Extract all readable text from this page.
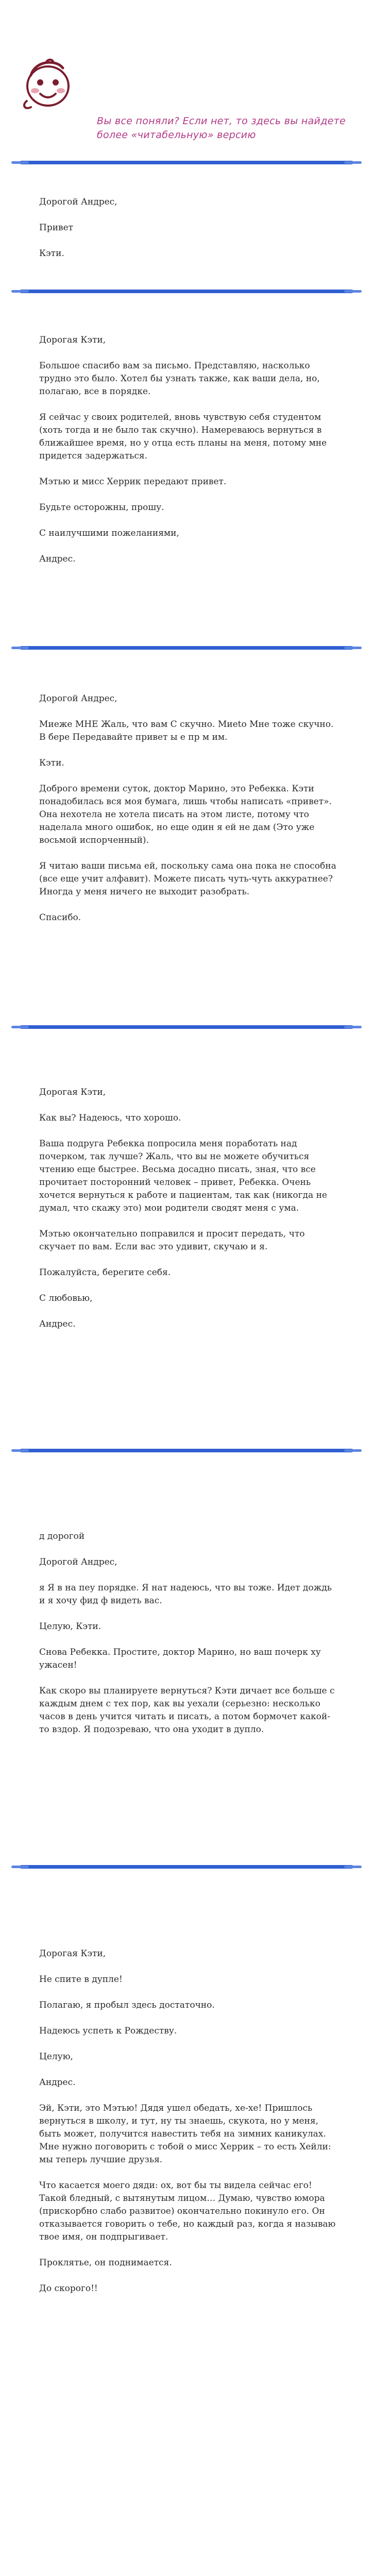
Вы все поняли? Если нет, то здесь вы найдете более «читабельную» версию

Дорогой Андрес,

Привет

Кэти.

Дорогая Кэти,

Большое спасибо вам за письмо. Представляю, насколько трудно это было. Хотел бы узнать также, как ваши дела, но, полагаю, все в порядке.

Я сейчас у своих родителей, вновь чувствую себя студентом (хоть тогда и не было так скучно). Намереваюсь вернуться в ближайшее время, но у отца есть планы на меня, потому мне придется задержаться.

Мэтью и мисс Херрик передают привет.

Будьте осторожны, прошу.

С наилучшими пожеланиями,

Андрес.

Дорогой Андрес,

Миеже МНЕ Жаль, что вам С скучно. Миеto Мне тоже скучно. В бере Передавайте привет ы е пр м им.

Кэти.

Доброго времени суток, доктор Марино, это Ребекка. Кэти понадобилась вся моя бумага, лишь чтобы написать «привет». Она нехотела не хотела писать на этом листе, потому что наделала много ошибок, но еще один я ей не дам (Это уже восьмой испорченный).

Я читаю ваши письма ей, поскольку сама она пока не способна (все еще учит алфавит). Можете писать чуть-чуть аккуратнее? Иногда у меня ничего не выходит разобрать.

Спасибо.

Дорогая Кэти,

Как вы? Надеюсь, что хорошо.

Ваша подруга Ребекка попросила меня поработать над почерком, так лучше? Жаль, что вы не можете обучиться чтению еще быстрее. Весьма досадно писать, зная, что все прочитает посторонний человек – привет, Ребекка. Очень хочется вернуться к работе и пациентам, так как (никогда не думал, что скажу это) мои родители сводят меня с ума.

Мэтью окончательно поправился и просит передать, что скучает по вам. Если вас это удивит, скучаю и я.

Пожалуйста, берегите себя.

С любовью,

Андрес.

д дорогой

Дорогой Андрес,

я Я в на пеу порядке. Я нат надеюсь, что вы тоже. Идет дождь и я хочу фид ф видеть вас.

Целую, Кэти.

Снова Ребекка. Простите, доктор Марино, но ваш почерк ху ужасен!

Как скоро вы планируете вернуться? Кэти дичает все больше с каждым днем с тех пор, как вы уехали (серьезно: несколько часов в день учится читать и писать, а потом бормочет какой-то вздор. Я подозреваю, что она уходит в дупло.

Дорогая Кэти,

Не спите в дупле!

Полагаю, я пробыл здесь достаточно.

Надеюсь успеть к Рождеству.

Целую,

Андрес.

Эй, Кэти, это Мэтью! Дядя ушел обедать, хе-хе! Пришлось вернуться в школу, и тут, ну ты знаешь, скукота, но у меня, быть может, получится навестить тебя на зимних каникулах. Мне нужно поговорить с тобой о мисс Херрик – то есть Хейли: мы теперь лучшие друзья.

Что касается моего дяди: ох, вот бы ты видела сейчас его! Такой бледный, с вытянутым лицом… Думаю, чувство юмора (прискорбно слабо развитое) окончательно покинуло его. Он отказывается говорить о тебе, но каждый раз, когда я называю твое имя, он подпрыгивает.

Проклятье, он поднимается.

До скорого!!
